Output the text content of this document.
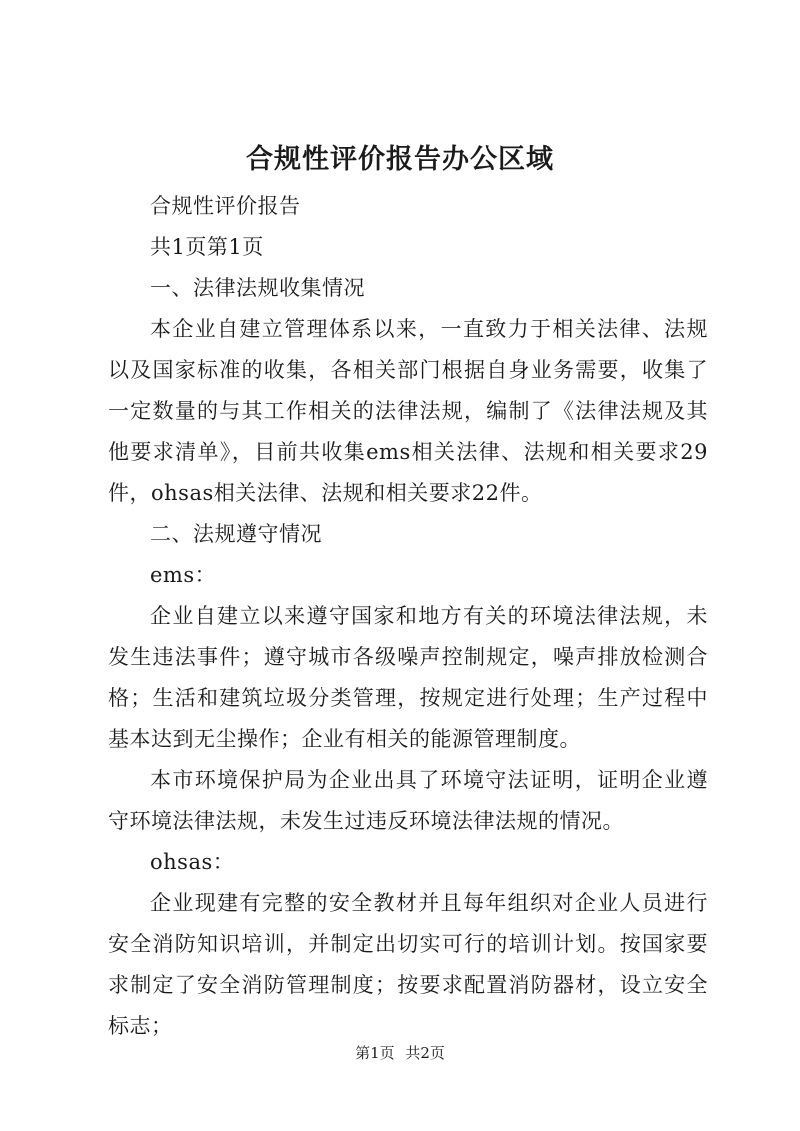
合规性评价报告办公区域

合规性评价报告

共1页第1页

一、法律法规收集情况

本企业自建立管理体系以来，一直致力于相关法律、法规以及国家标准的收集，各相关部门根据自身业务需要，收集了一定数量的与其工作相关的法律法规，编制了《法律法规及其他要求清单》，目前共收集ems相关法律、法规和相关要求29件，ohsas相关法律、法规和相关要求22件。

二、法规遵守情况

ems：

企业自建立以来遵守国家和地方有关的环境法律法规，未发生违法事件；遵守城市各级噪声控制规定，噪声排放检测合格；生活和建筑垃圾分类管理，按规定进行处理；生产过程中基本达到无尘操作；企业有相关的能源管理制度。

本市环境保护局为企业出具了环境守法证明，证明企业遵守环境法律法规，未发生过违反环境法律法规的情况。

ohsas：

企业现建有完整的安全教材并且每年组织对企业人员进行安全消防知识培训，并制定出切实可行的培训计划。按国家要求制定了安全消防管理制度；按要求配置消防器材，设立安全标志；

第1页 共2页
